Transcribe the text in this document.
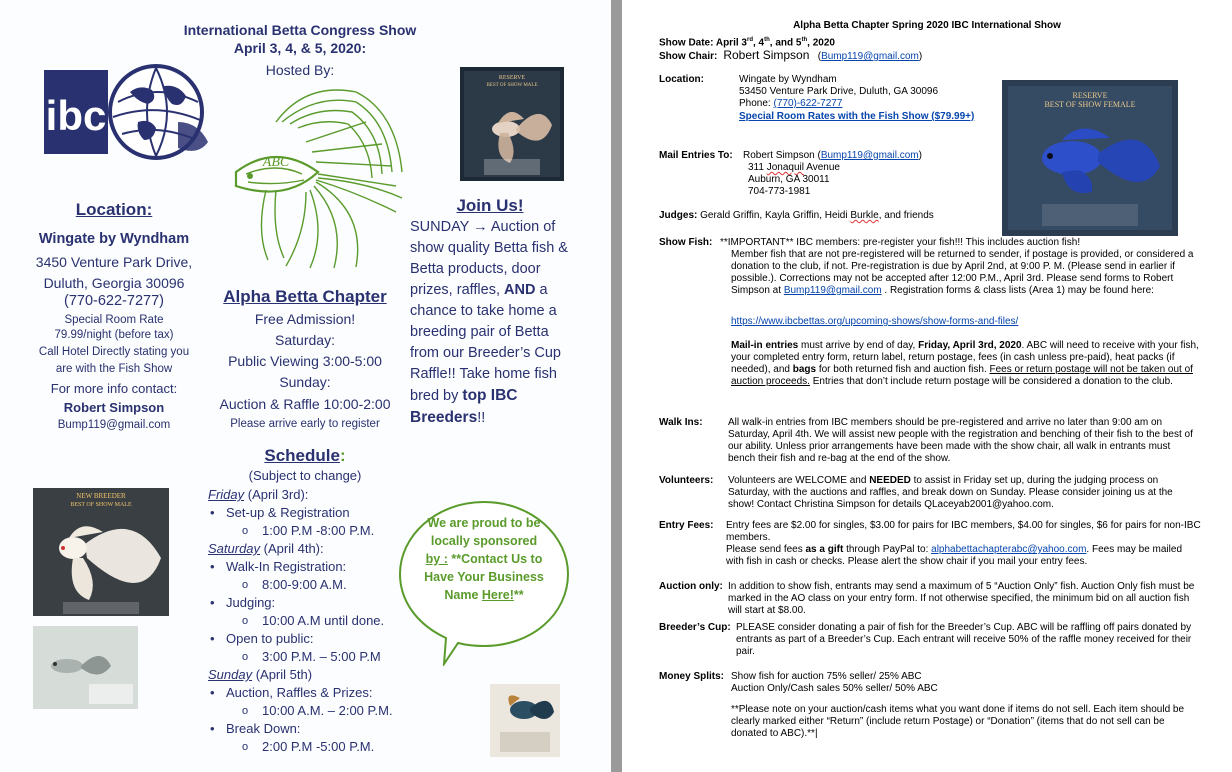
International Betta Congress Show
April 3, 4, & 5, 2020:
Hosted By:
ibc
Location:
Wingate by Wyndham
3450 Venture Park Drive,
Duluth, Georgia 30096
(770-622-7277)
Special Room Rate
79.99/night (before tax)
Call Hotel Directly stating you
are with the Fish Show
For more info contact:
Robert Simpson
Bump119@gmail.com
ABC
RESERVE
BEST OF SHOW MALE
NEW BREEDER
BEST OF SHOW MALE
Alpha Betta Chapter
Free Admission!
Saturday:
Public Viewing 3:00-5:00
Sunday:
Auction & Raffle 10:00-2:00
Please arrive early to register
Join Us!
SUNDAY → Auction of show quality Betta fish & Betta products, door prizes, raffles, AND a chance to take home a breeding pair of Betta from our Breeder’s Cup Raffle!! Take home fish bred by top IBC Breeders!!
Schedule:
(Subject to change)
Friday (April 3rd):
• Set-up & Registration
o 1:00 P.M -8:00 P.M.
Saturday (April 4th):
• Walk-In Registration:
o 8:00-9:00 A.M.
• Judging:
o 10:00 A.M until done.
• Open to public:
o 3:00 P.M. – 5:00 P.M
Sunday (April 5th)
• Auction, Raffles & Prizes:
o 10:00 A.M. – 2:00 P.M.
• Break Down:
o 2:00 P.M -5:00 P.M.
We are proud to be locally sponsored by : **Contact Us to Have Your Business Name Here!**
Alpha Betta Chapter Spring 2020 IBC International Show
Show Date: April 3rd, 4th, and 5th, 2020
Show Chair: Robert Simpson   (Bump119@gmail.com)
Location:	Wingate by Wyndham
53450 Venture Park Drive, Duluth, GA 30096
Phone: (770)-622-7277
Special Room Rates with the Fish Show ($79.99+)
RESERVE
BEST OF SHOW FEMALE
Mail Entries To: Robert Simpson (Bump119@gmail.com)
311 Jonaquil Avenue
Auburn, GA 30011
704-773-1981
Judges: Gerald Griffin, Kayla Griffin, Heidi Burkle, and friends
Show Fish: **IMPORTANT** IBC members: pre-register your fish!!! This includes auction fish!
Member fish that are not pre-registered will be returned to sender, if postage is provided, or considered a donation to the club, if not. Pre-registration is due by April 2nd, at 9:00 P. M. (Please send in earlier if possible.). Corrections may not be accepted after 12:00 P.M., April 3rd. Please send forms to Robert Simpson at Bump119@gmail.com . Registration forms & class lists (Area 1) may be found here:
https://www.ibcbettas.org/upcoming-shows/show-forms-and-files/
Mail-in entries must arrive by end of day, Friday, April 3rd, 2020. ABC will need to receive with your fish, your completed entry form, return label, return postage, fees (in cash unless pre-paid), heat packs (if needed), and bags for both returned fish and auction fish. Fees or return postage will not be taken out of auction proceeds. Entries that don’t include return postage will be considered a donation to the club.
Walk Ins:	All walk-in entries from IBC members should be pre-registered and arrive no later than 9:00 am on Saturday, April 4th. We will assist new people with the registration and benching of their fish to the best of our ability. Unless prior arrangements have been made with the show chair, all walk in entrants must bench their fish and re-bag at the end of the show.
Volunteers: Volunteers are WELCOME and NEEDED to assist in Friday set up, during the judging process on Saturday, with the auctions and raffles, and break down on Sunday. Please consider joining us at the show! Contact Christina Simpson for details QLaceyab2001@yahoo.com.
Entry Fees: Entry fees are $2.00 for singles, $3.00 for pairs for IBC members, $4.00 for singles, $6 for pairs for non-IBC members.
Please send fees as a gift through PayPal to: alphabettachapterabc@yahoo.com. Fees may be mailed with fish in cash or checks. Please alert the show chair if you mail your entry fees.
Auction only: In addition to show fish, entrants may send a maximum of 5 “Auction Only” fish. Auction Only fish must be marked in the AO class on your entry form. If not otherwise specified, the minimum bid on all auction fish will start at $8.00.
Breeder’s Cup: PLEASE consider donating a pair of fish for the Breeder’s Cup. ABC will be raffling off pairs donated by entrants as part of a Breeder’s Cup. Each entrant will receive 50% of the raffle money received for their pair.
Money Splits: Show fish for auction 75% seller/ 25% ABC
Auction Only/Cash sales 50% seller/ 50% ABC
**Please note on your auction/cash items what you want done if items do not sell. Each item should be clearly marked either “Return” (include return Postage) or “Donation” (items that do not sell can be donated to ABC).**|
